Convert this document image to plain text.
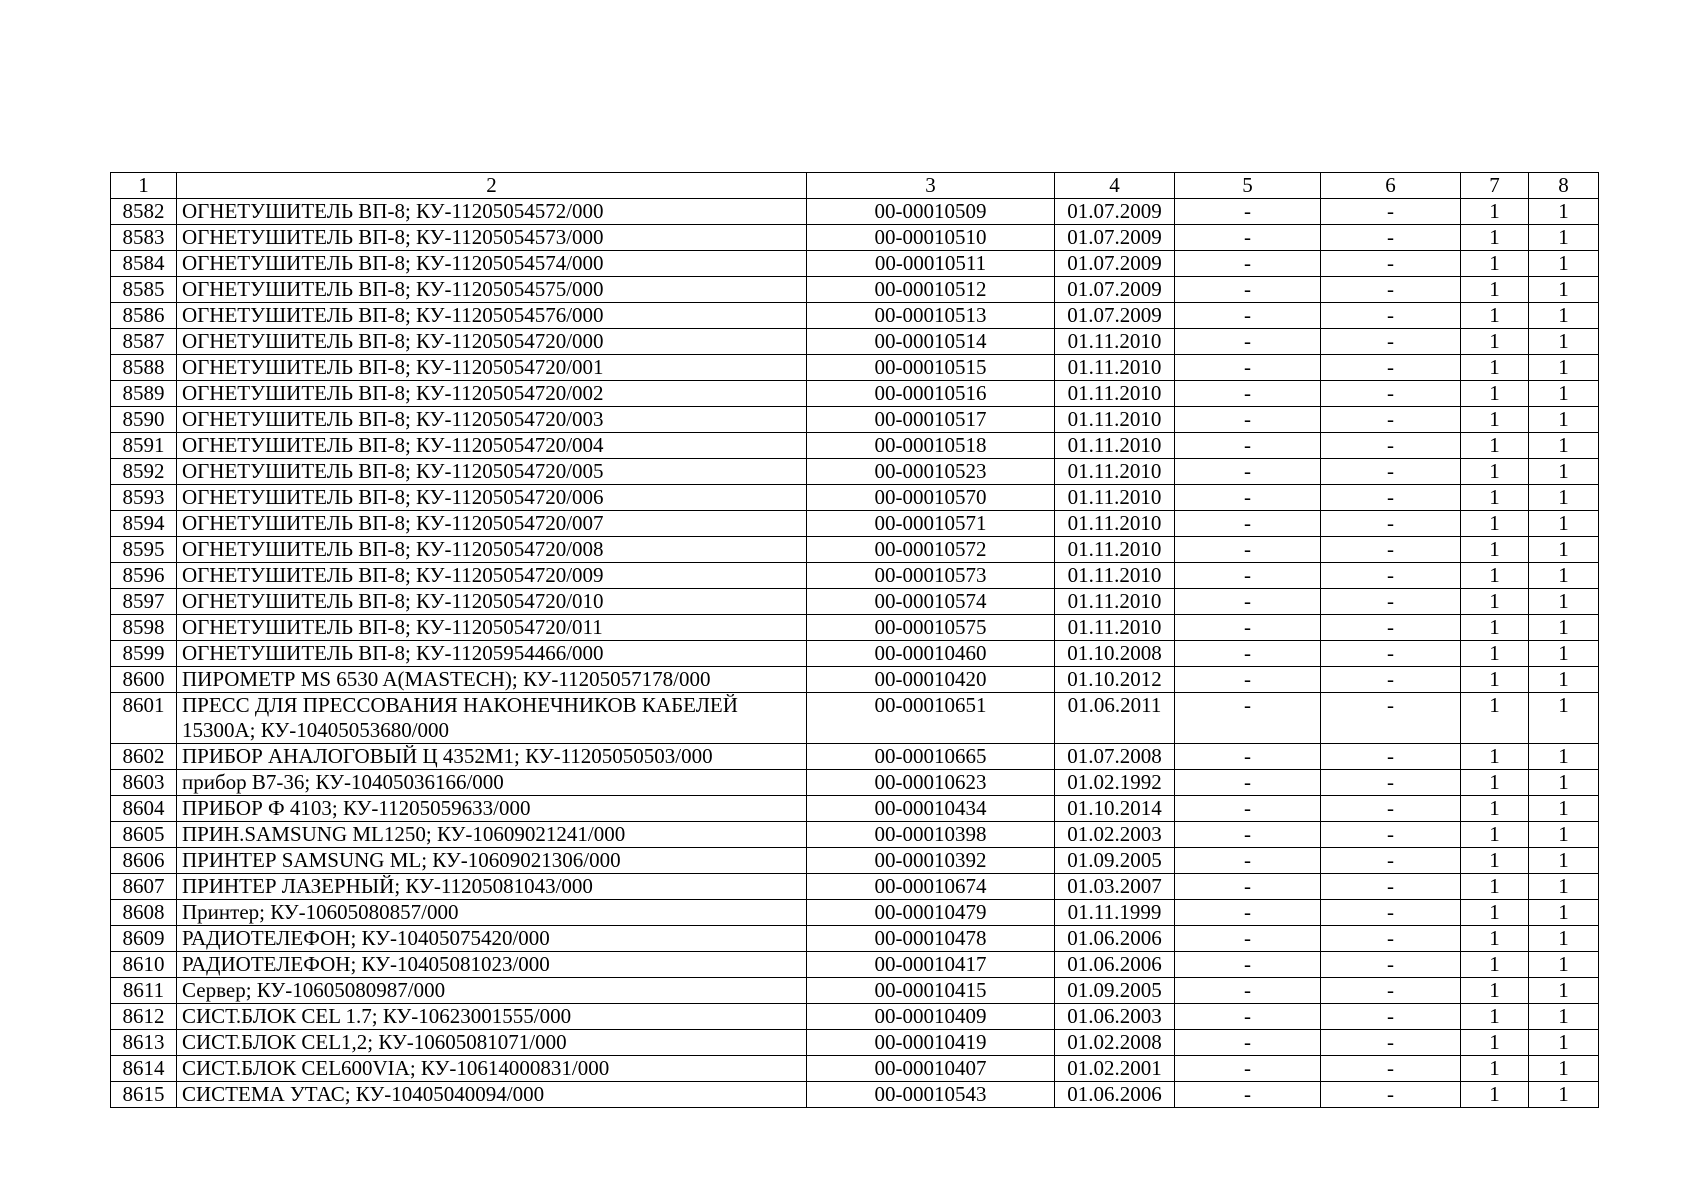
1	2	3	4	5	6	7	8
8582	ОГНЕТУШИТЕЛЬ ВП-8; КУ-11205054572/000	00-00010509	01.07.2009	-	-	1	1
8583	ОГНЕТУШИТЕЛЬ ВП-8; КУ-11205054573/000	00-00010510	01.07.2009	-	-	1	1
8584	ОГНЕТУШИТЕЛЬ ВП-8; КУ-11205054574/000	00-00010511	01.07.2009	-	-	1	1
8585	ОГНЕТУШИТЕЛЬ ВП-8; КУ-11205054575/000	00-00010512	01.07.2009	-	-	1	1
8586	ОГНЕТУШИТЕЛЬ ВП-8; КУ-11205054576/000	00-00010513	01.07.2009	-	-	1	1
8587	ОГНЕТУШИТЕЛЬ ВП-8; КУ-11205054720/000	00-00010514	01.11.2010	-	-	1	1
8588	ОГНЕТУШИТЕЛЬ ВП-8; КУ-11205054720/001	00-00010515	01.11.2010	-	-	1	1
8589	ОГНЕТУШИТЕЛЬ ВП-8; КУ-11205054720/002	00-00010516	01.11.2010	-	-	1	1
8590	ОГНЕТУШИТЕЛЬ ВП-8; КУ-11205054720/003	00-00010517	01.11.2010	-	-	1	1
8591	ОГНЕТУШИТЕЛЬ ВП-8; КУ-11205054720/004	00-00010518	01.11.2010	-	-	1	1
8592	ОГНЕТУШИТЕЛЬ ВП-8; КУ-11205054720/005	00-00010523	01.11.2010	-	-	1	1
8593	ОГНЕТУШИТЕЛЬ ВП-8; КУ-11205054720/006	00-00010570	01.11.2010	-	-	1	1
8594	ОГНЕТУШИТЕЛЬ ВП-8; КУ-11205054720/007	00-00010571	01.11.2010	-	-	1	1
8595	ОГНЕТУШИТЕЛЬ ВП-8; КУ-11205054720/008	00-00010572	01.11.2010	-	-	1	1
8596	ОГНЕТУШИТЕЛЬ ВП-8; КУ-11205054720/009	00-00010573	01.11.2010	-	-	1	1
8597	ОГНЕТУШИТЕЛЬ ВП-8; КУ-11205054720/010	00-00010574	01.11.2010	-	-	1	1
8598	ОГНЕТУШИТЕЛЬ ВП-8; КУ-11205054720/011	00-00010575	01.11.2010	-	-	1	1
8599	ОГНЕТУШИТЕЛЬ ВП-8; КУ-11205954466/000	00-00010460	01.10.2008	-	-	1	1
8600	ПИРОМЕТР MS 6530 A(MASTECH); КУ-11205057178/000	00-00010420	01.10.2012	-	-	1	1
8601	ПРЕСС ДЛЯ ПРЕССОВАНИЯ НАКОНЕЧНИКОВ КАБЕЛЕЙ 15300А; КУ-10405053680/000	00-00010651	01.06.2011	-	-	1	1
8602	ПРИБОР АНАЛОГОВЫЙ Ц 4352М1; КУ-11205050503/000	00-00010665	01.07.2008	-	-	1	1
8603	прибор В7-36; КУ-10405036166/000	00-00010623	01.02.1992	-	-	1	1
8604	ПРИБОР Ф 4103; КУ-11205059633/000	00-00010434	01.10.2014	-	-	1	1
8605	ПРИН.SAMSUNG ML1250; КУ-10609021241/000	00-00010398	01.02.2003	-	-	1	1
8606	ПРИНТЕР SAMSUNG ML; КУ-10609021306/000	00-00010392	01.09.2005	-	-	1	1
8607	ПРИНТЕР ЛАЗЕРНЫЙ; КУ-11205081043/000	00-00010674	01.03.2007	-	-	1	1
8608	Принтер; КУ-10605080857/000	00-00010479	01.11.1999	-	-	1	1
8609	РАДИОТЕЛЕФОН; КУ-10405075420/000	00-00010478	01.06.2006	-	-	1	1
8610	РАДИОТЕЛЕФОН; КУ-10405081023/000	00-00010417	01.06.2006	-	-	1	1
8611	Сервер; КУ-10605080987/000	00-00010415	01.09.2005	-	-	1	1
8612	СИСТ.БЛОК CEL 1.7; КУ-10623001555/000	00-00010409	01.06.2003	-	-	1	1
8613	СИСТ.БЛОК CEL1,2; КУ-10605081071/000	00-00010419	01.02.2008	-	-	1	1
8614	СИСТ.БЛОК CEL600VIA; КУ-10614000831/000	00-00010407	01.02.2001	-	-	1	1
8615	СИСТЕМА УТАС; КУ-10405040094/000	00-00010543	01.06.2006	-	-	1	1
